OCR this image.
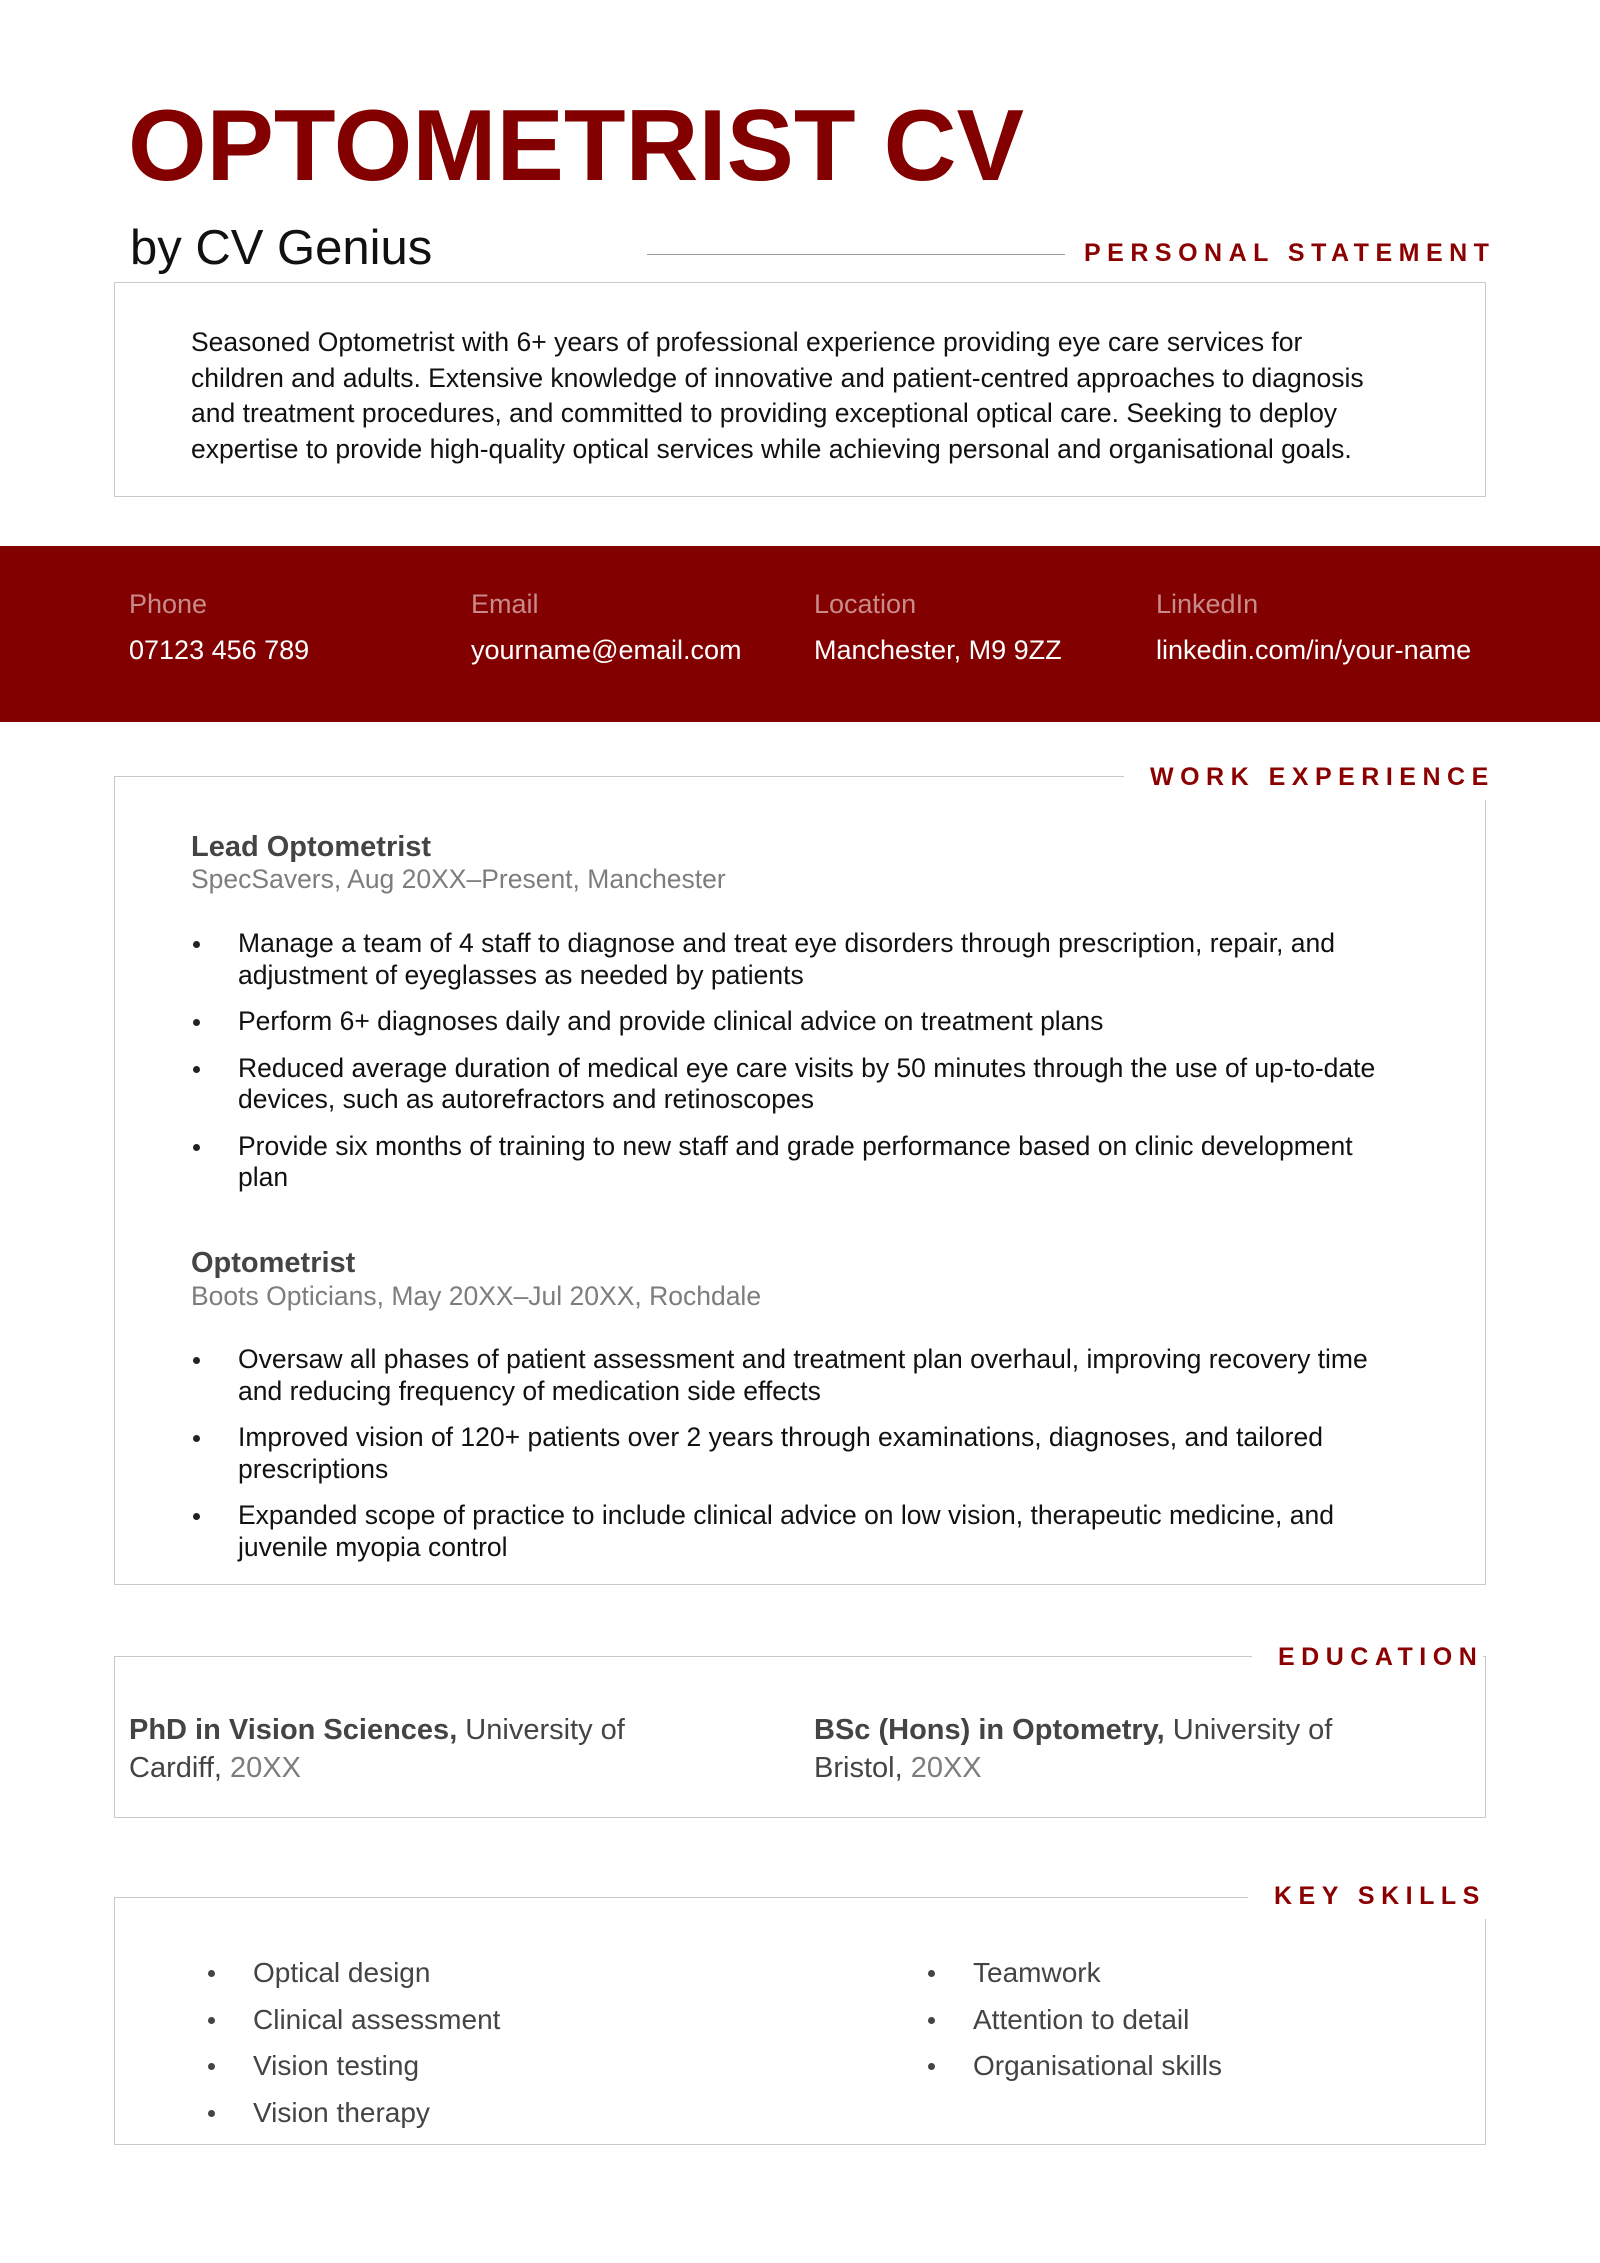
OPTOMETRIST CV
by CV Genius	PERSONAL STATEMENT
Seasoned Optometrist with 6+ years of professional experience providing eye care services for
children and adults. Extensive knowledge of innovative and patient-centred approaches to diagnosis
and treatment procedures, and committed to providing exceptional optical care. Seeking to deploy
expertise to provide high-quality optical services while achieving personal and organisational goals.
Phone
07123 456 789
Email
yourname@email.com
Location
Manchester, M9 9ZZ
LinkedIn
linkedin.com/in/your-name
WORK EXPERIENCE
Lead Optometrist
SpecSavers, Aug 20XX–Present, Manchester
Manage a team of 4 staff to diagnose and treat eye disorders through prescription, repair, and
adjustment of eyeglasses as needed by patients
Perform 6+ diagnoses daily and provide clinical advice on treatment plans
Reduced average duration of medical eye care visits by 50 minutes through the use of up-to-date
devices, such as autorefractors and retinoscopes
Provide six months of training to new staff and grade performance based on clinic development
plan
Optometrist
Boots Opticians, May 20XX–Jul 20XX, Rochdale
Oversaw all phases of patient assessment and treatment plan overhaul, improving recovery time
and reducing frequency of medication side effects
Improved vision of 120+ patients over 2 years through examinations, diagnoses, and tailored
prescriptions
Expanded scope of practice to include clinical advice on low vision, therapeutic medicine, and
juvenile myopia control
EDUCATION
PhD in Vision Sciences, University of
Cardiff, 20XX
BSc (Hons) in Optometry, University of
Bristol, 20XX
KEY SKILLS
Optical design
Clinical assessment
Vision testing
Vision therapy
Teamwork
Attention to detail
Organisational skills
